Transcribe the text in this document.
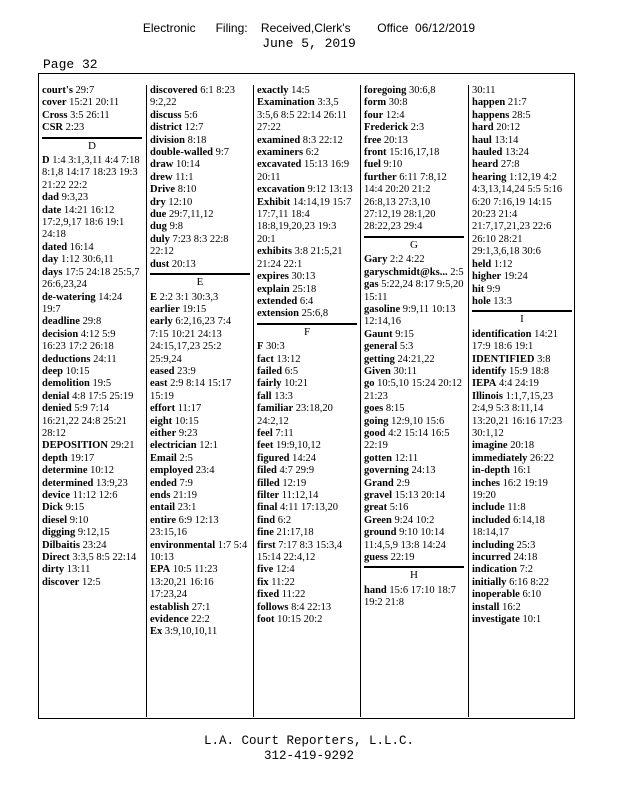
Electronic      Filing:    Received,Clerk's        Office  06/12/2019
June 5, 2019
Page 32
court's 29:7
cover 15:21 20:11
Cross 3:5 26:11
CSR 2:23
D
D 1:4 3:1,3,11 4:4 7:18 8:1,8 14:17 18:23 19:3 21:22 22:2
dad 9:3,23
date 14:21 16:12 17:2,9,17 18:6 19:1 24:18
dated 16:14
day 1:12 30:6,11
days 17:5 24:18 25:5,7 26:6,23,24
de-watering 14:24 19:7
deadline 29:8
decision 4:12 5:9 16:23 17:2 26:18
deductions 24:11
deep 10:15
demolition 19:5
denial 4:8 17:5 25:19
denied 5:9 7:14 16:21,22 24:8 25:21 28:12
DEPOSITION 29:21
depth 19:17
determine 10:12
determined 13:9,23
device 11:12 12:6
Dick 9:15
diesel 9:10
digging 9:12,15
Dilbaitis 23:24
Direct 3:3,5 8:5 22:14
dirty 13:11
discover 12:5
discovered 6:1 8:23 9:2,22
discuss 5:6
district 12:7
division 8:18
double-walled 9:7
draw 10:14
drew 11:1
Drive 8:10
dry 12:10
due 29:7,11,12
dug 9:8
duly 7:23 8:3 22:8 22:12
dust 20:13
E
E 2:2 3:1 30:3,3
earlier 19:15
early 6:2,16,23 7:4 7:15 10:21 24:13 24:15,17,23 25:2 25:9,24
eased 23:9
east 2:9 8:14 15:17 15:19
effort 11:17
eight 10:15
either 9:23
electrician 12:1
Email 2:5
employed 23:4
ended 7:9
ends 21:19
entail 23:1
entire 6:9 12:13 23:15,16
environmental 1:7 5:4 10:13
EPA 10:5 11:23 13:20,21 16:16 17:23,24
establish 27:1
evidence 22:2
Ex 3:9,10,10,11
exactly 14:5
Examination 3:3,5 3:5,6 8:5 22:14 26:11 27:22
examined 8:3 22:12
examiners 6:2
excavated 15:13 16:9 20:11
excavation 9:12 13:13
Exhibit 14:14,19 15:7 17:7,11 18:4 18:8,19,20,23 19:3 20:1
exhibits 3:8 21:5,21 21:24 22:1
expires 30:13
explain 25:18
extended 6:4
extension 25:6,8
F
F 30:3
fact 13:12
failed 6:5
fairly 10:21
fall 13:3
familiar 23:18,20 24:2,12
feel 7:11
feet 19:9,10,12
figured 14:24
filed 4:7 29:9
filled 12:19
filter 11:12,14
final 4:11 17:13,20
find 6:2
fine 21:17,18
first 7:17 8:3 15:3,4 15:14 22:4,12
five 12:4
fix 11:22
fixed 11:22
follows 8:4 22:13
foot 10:15 20:2
foregoing 30:6,8
form 30:8
four 12:4
Frederick 2:3
free 20:13
front 15:16,17,18
fuel 9:10
further 6:11 7:8,12 14:4 20:20 21:2 26:8,13 27:3,10 27:12,19 28:1,20 28:22,23 29:4
G
Gary 2:2 4:22
garyschmidt@ks... 2:5
gas 5:22,24 8:17 9:5,20 15:11
gasoline 9:9,11 10:13 12:14,16
Gaunt 9:15
general 5:3
getting 24:21,22
Given 30:11
go 10:5,10 15:24 20:12 21:23
goes 8:15
going 12:9,10 15:6
good 4:2 15:14 16:5 22:19
gotten 12:11
governing 24:13
Grand 2:9
gravel 15:13 20:14
great 5:16
Green 9:24 10:2
ground 9:10 10:14 11:4,5,9 13:8 14:24
guess 22:19
H
hand 15:6 17:10 18:7 19:2 21:8
30:11
happen 21:7
happens 28:5
hard 20:12
haul 13:14
hauled 13:24
heard 27:8
hearing 1:12,19 4:2 4:3,13,14,24 5:5 5:16 6:20 7:16,19 14:15 20:23 21:4 21:7,17,21,23 22:6 26:10 28:21 29:1,3,6,18 30:6
held 1:12
higher 19:24
hit 9:9
hole 13:3
I
identification 14:21 17:9 18:6 19:1
IDENTIFIED 3:8
identify 15:9 18:8
IEPA 4:4 24:19
Illinois 1:1,7,15,23 2:4,9 5:3 8:11,14 13:20,21 16:16 17:23 30:1,12
imagine 20:18
immediately 26:22
in-depth 16:1
inches 16:2 19:19 19:20
include 11:8
included 6:14,18 18:14,17
including 25:3
incurred 24:18
indication 7:2
initially 6:16 8:22
inoperable 6:10
install 16:2
investigate 10:1
L.A. Court Reporters, L.L.C.
312-419-9292
